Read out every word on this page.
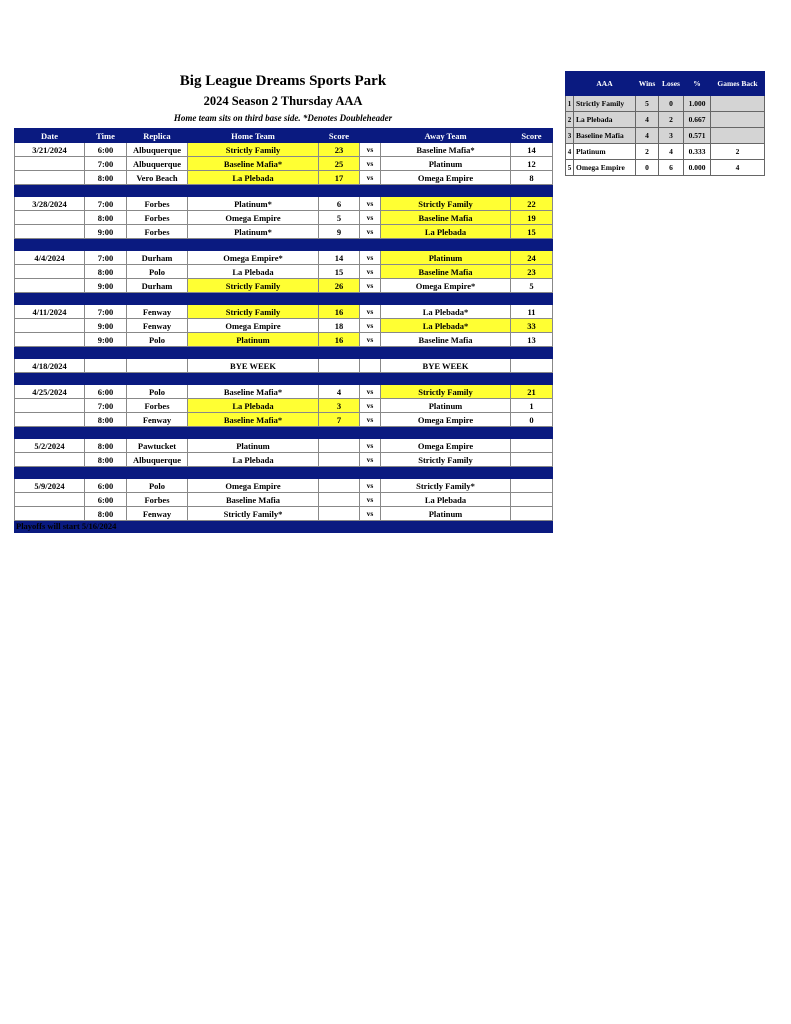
Big League Dreams Sports Park
2024 Season 2 Thursday AAA
Home team sits on third base side. *Denotes Doubleheader
Date	Time	Replica	Home Team	Score		Away Team	Score
3/21/2024	6:00	Albuquerque	Strictly Family	23	vs	Baseline Mafia*	14
	7:00	Albuquerque	Baseline Mafia*	25	vs	Platinum	12
	8:00	Vero Beach	La Plebada	17	vs	Omega Empire	8

3/28/2024	7:00	Forbes	Platinum*	6	vs	Strictly Family	22
	8:00	Forbes	Omega Empire	5	vs	Baseline Mafia	19
	9:00	Forbes	Platinum*	9	vs	La Plebada	15

4/4/2024	7:00	Durham	Omega Empire*	14	vs	Platinum	24
	8:00	Polo	La Plebada	15	vs	Baseline Mafia	23
	9:00	Durham	Strictly Family	26	vs	Omega Empire*	5

4/11/2024	7:00	Fenway	Strictly Family	16	vs	La Plebada*	11
	9:00	Fenway	Omega Empire	18	vs	La Plebada*	33
	9:00	Polo	Platinum	16	vs	Baseline Mafia	13

4/18/2024			BYE WEEK			BYE WEEK	

4/25/2024	6:00	Polo	Baseline Mafia*	4	vs	Strictly Family	21
	7:00	Forbes	La Plebada	3	vs	Platinum	1
	8:00	Fenway	Baseline Mafia*	7	vs	Omega Empire	0

5/2/2024	8:00	Pawtucket	Platinum		vs	Omega Empire	
	8:00	Albuquerque	La Plebada		vs	Strictly Family	

5/9/2024	6:00	Polo	Omega Empire		vs	Strictly Family*	
	6:00	Forbes	Baseline Mafia		vs	La Plebada	
	8:00	Fenway	Strictly Family*		vs	Platinum	

Playoffs will start 5/16/2024
	AAA	Wins	Loses	%	Games Back
1	Strictly Family	5	0	1.000	
2	La Plebada	4	2	0.667	
3	Baseline Mafia	4	3	0.571	
4	Platinum	2	4	0.333	2
5	Omega Empire	0	6	0.000	4
